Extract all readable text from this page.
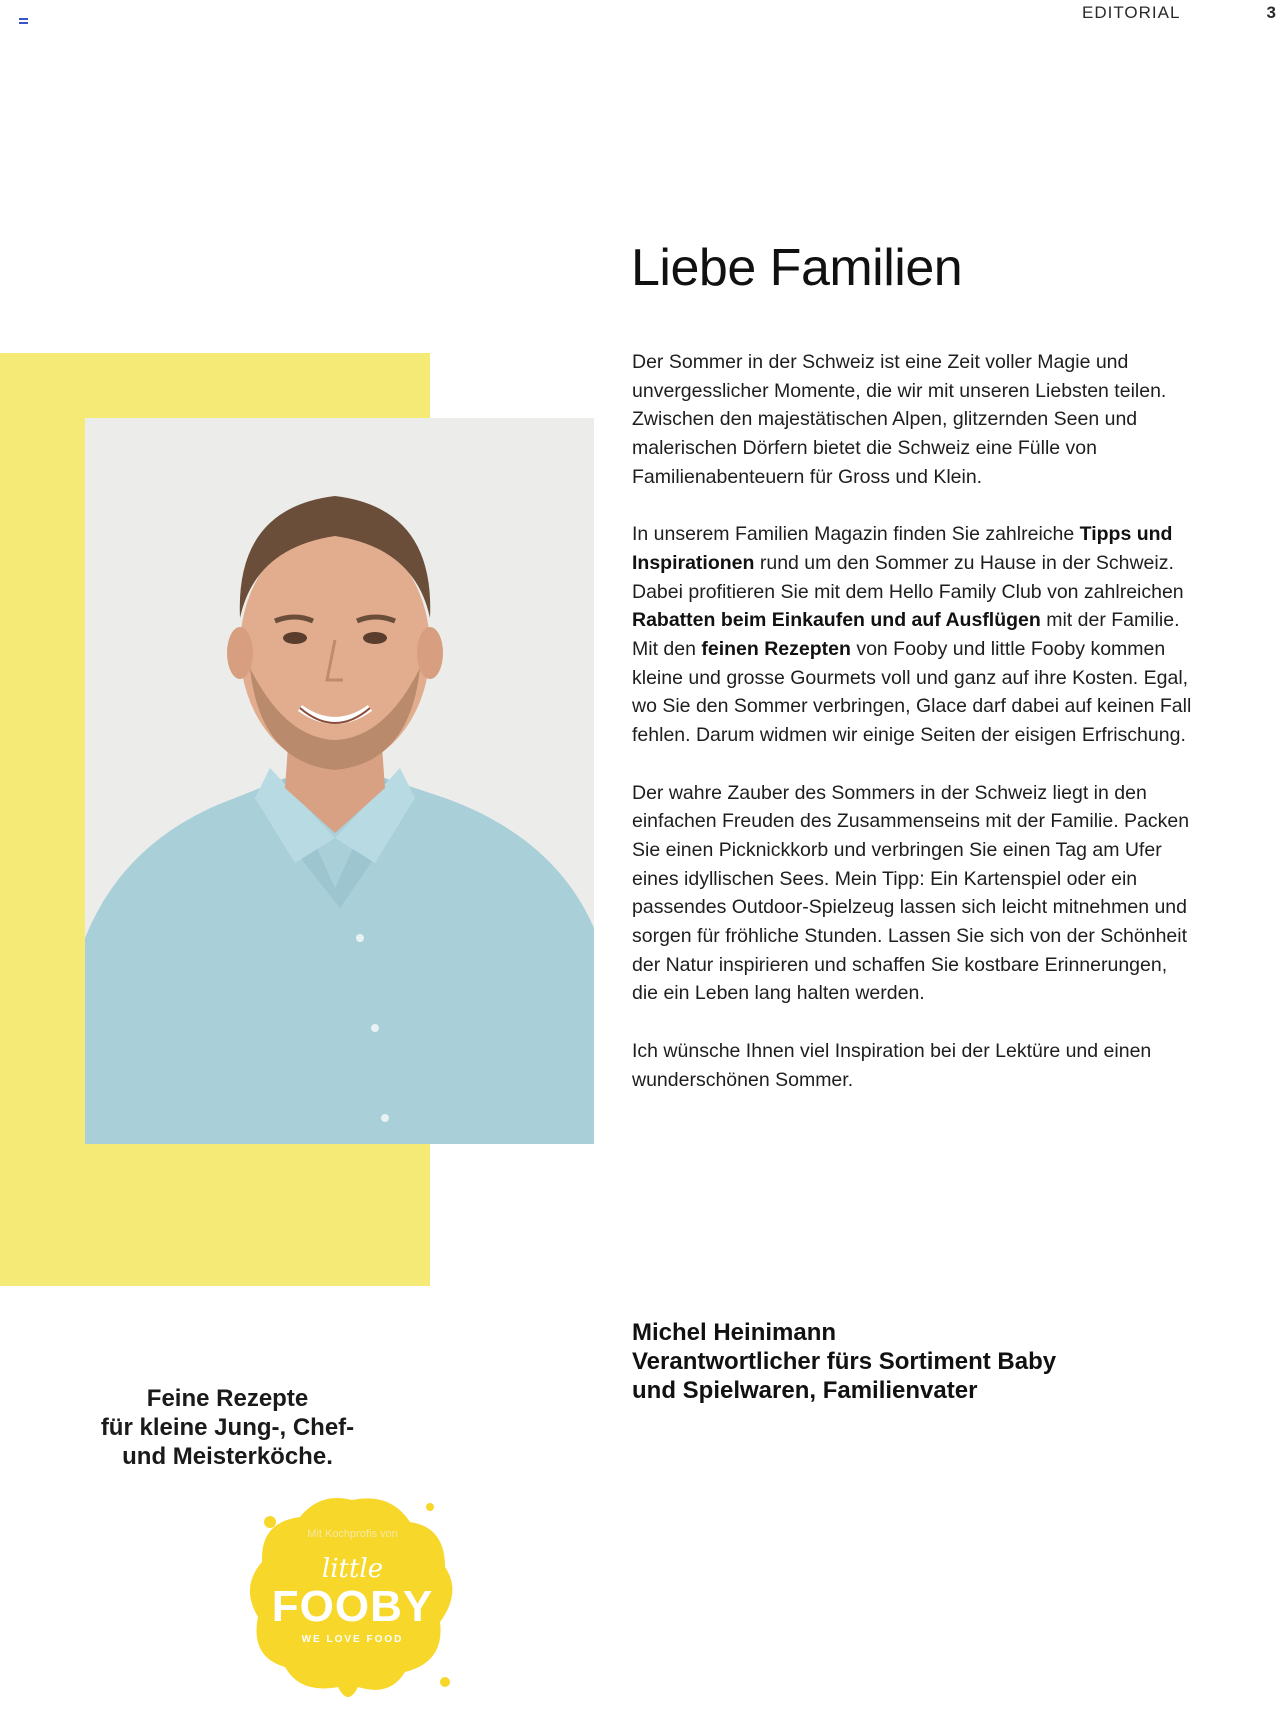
EDITORIAL	3
Liebe Familien

Der Sommer in der Schweiz ist eine Zeit voller Magie und unvergesslicher Momente, die wir mit unseren Liebsten teilen. Zwischen den majestätischen Alpen, glitzernden Seen und malerischen Dörfern bietet die Schweiz eine Fülle von Familienabenteuern für Gross und Klein.

In unserem Familien Magazin finden Sie zahlreiche Tipps und Inspirationen rund um den Sommer zu Hause in der Schweiz. Dabei profitieren Sie mit dem Hello Family Club von zahlreichen Rabatten beim Einkaufen und auf Ausflügen mit der Familie. Mit den feinen Rezepten von Fooby und little Fooby kommen kleine und grosse Gourmets voll und ganz auf ihre Kosten. Egal, wo Sie den Sommer verbringen, Glace darf dabei auf keinen Fall fehlen. Darum widmen wir einige Seiten der eisigen Erfrischung.

Der wahre Zauber des Sommers in der Schweiz liegt in den einfachen Freuden des Zusammenseins mit der Familie. Packen Sie einen Picknickkorb und verbringen Sie einen Tag am Ufer eines idyllischen Sees. Mein Tipp: Ein Kartenspiel oder ein passendes Outdoor-Spielzeug lassen sich leicht mitnehmen und sorgen für fröhliche Stunden. Lassen Sie sich von der Schönheit der Natur inspirieren und schaffen Sie kostbare Erinnerungen, die ein Leben lang halten werden.

Ich wünsche Ihnen viel Inspiration bei der Lektüre und einen wunderschönen Sommer.

Michel Heinimann
Verantwortlicher fürs Sortiment Baby
und Spielwaren, Familienvater
Feine Rezepte
für kleine Jung-, Chef-
und Meisterköche.
Mit Kochprofis von
little
FOOBY
WE LOVE FOOD
